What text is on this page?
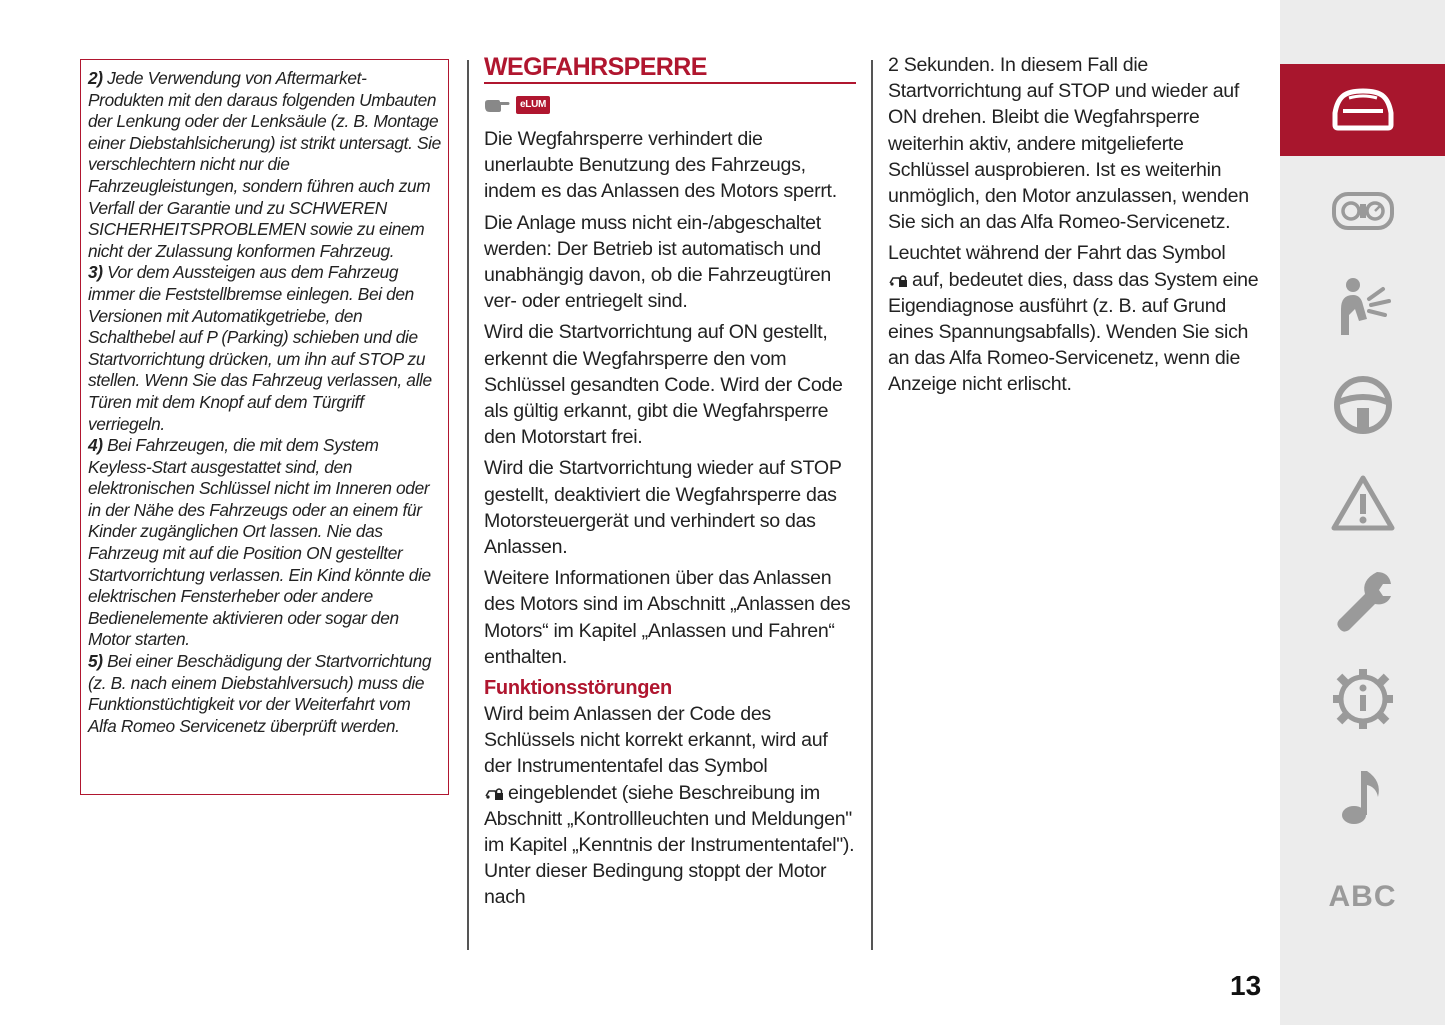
2) Jede Verwendung von Aftermarket-Produkten mit den daraus folgenden Umbauten der Lenkung oder der Lenksäule (z. B. Montage einer Diebstahlsicherung) ist strikt untersagt. Sie verschlechtern nicht nur die Fahrzeugleistungen, sondern führen auch zum Verfall der Garantie und zu SCHWEREN SICHERHEITSPROBLEMEN sowie zu einem nicht der Zulassung konformen Fahrzeug.

3) Vor dem Aussteigen aus dem Fahrzeug immer die Feststellbremse einlegen. Bei den Versionen mit Automatikgetriebe, den Schalthebel auf P (Parking) schieben und die Startvorrichtung drücken, um ihn auf STOP zu stellen. Wenn Sie das Fahrzeug verlassen, alle Türen mit dem Knopf auf dem Türgriff verriegeln.

4) Bei Fahrzeugen, die mit dem System Keyless-Start ausgestattet sind, den elektronischen Schlüssel nicht im Inneren oder in der Nähe des Fahrzeugs oder an einem für Kinder zugänglichen Ort lassen. Nie das Fahrzeug mit auf die Position ON gestellter Startvorrichtung verlassen. Ein Kind könnte die elektrischen Fensterheber oder andere Bedienelemente aktivieren oder sogar den Motor starten.

5) Bei einer Beschädigung der Startvorrichtung (z. B. nach einem Diebstahlversuch) muss die Funktionstüchtigkeit vor der Weiterfahrt vom Alfa Romeo Servicenetz überprüft werden.

WEGFAHRSPERRE
eLUM

Die Wegfahrsperre verhindert die unerlaubte Benutzung des Fahrzeugs, indem es das Anlassen des Motors sperrt.

Die Anlage muss nicht ein-/abgeschaltet werden: Der Betrieb ist automatisch und unabhängig davon, ob die Fahrzeugtüren ver- oder entriegelt sind.

Wird die Startvorrichtung auf ON gestellt, erkennt die Wegfahrsperre den vom Schlüssel gesandten Code. Wird der Code als gültig erkannt, gibt die Wegfahrsperre den Motorstart frei.

Wird die Startvorrichtung wieder auf STOP gestellt, deaktiviert die Wegfahrsperre das Motorsteuergerät und verhindert so das Anlassen.

Weitere Informationen über das Anlassen des Motors sind im Abschnitt „Anlassen des Motors“ im Kapitel „Anlassen und Fahren“ enthalten.

Funktionsstörungen

Wird beim Anlassen der Code des Schlüssels nicht korrekt erkannt, wird auf der Instrumententafel das Symbol
eingeblendet (siehe Beschreibung im Abschnitt „Kontrollleuchten und Meldungen" im Kapitel „Kenntnis der Instrumententafel"). Unter dieser Bedingung stoppt der Motor nach

2 Sekunden. In diesem Fall die Startvorrichtung auf STOP und wieder auf ON drehen. Bleibt die Wegfahrsperre weiterhin aktiv, andere mitgelieferte Schlüssel ausprobieren. Ist es weiterhin unmöglich, den Motor anzulassen, wenden Sie sich an das Alfa Romeo-Servicenetz.

Leuchtet während der Fahrt das Symbol
auf, bedeutet dies, dass das System eine Eigendiagnose ausführt (z. B. auf Grund eines Spannungsabfalls). Wenden Sie sich an das Alfa Romeo-Servicenetz, wenn die Anzeige nicht erlischt.

ABC
13
